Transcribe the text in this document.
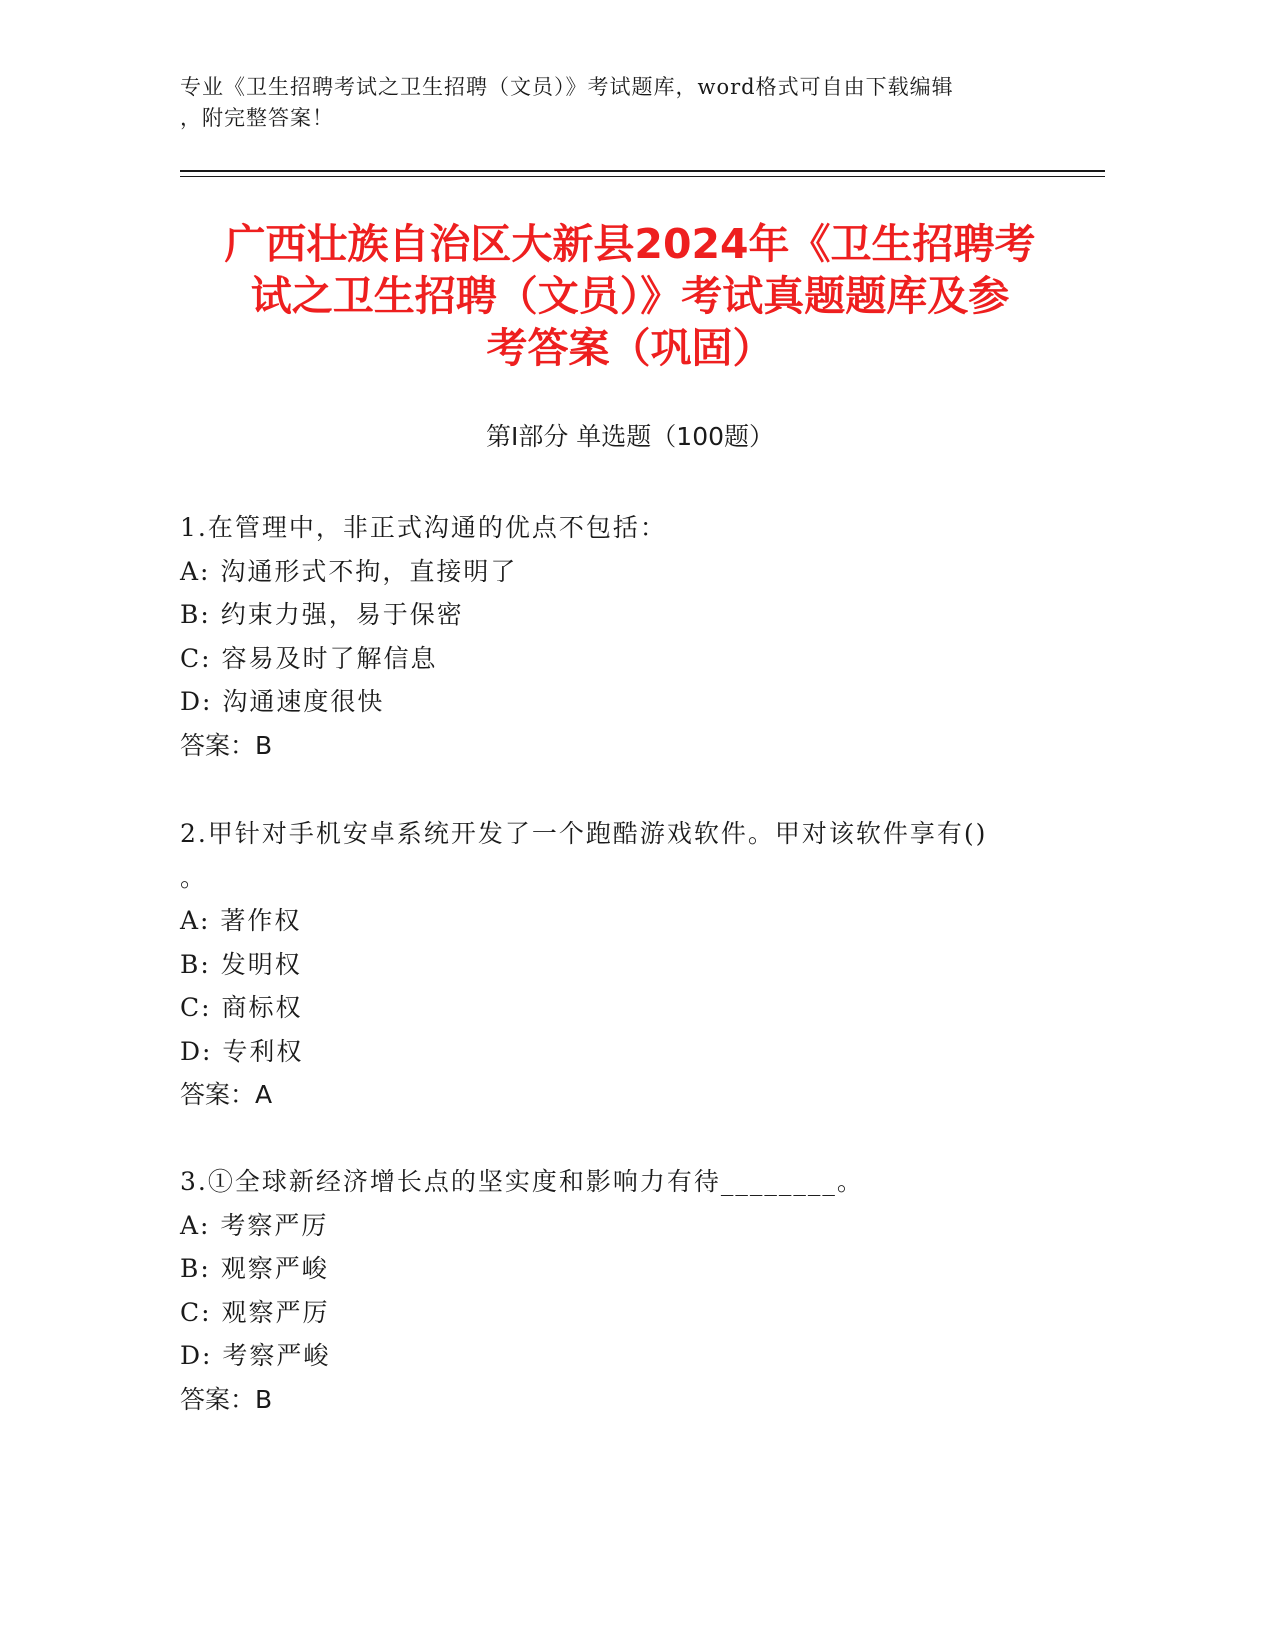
专业《卫生招聘考试之卫生招聘（文员）》考试题库，word格式可自由下载编辑
，附完整答案！
广西壮族自治区大新县2024年《卫生招聘考
试之卫生招聘（文员）》考试真题题库及参
考答案（巩固）
第I部分 单选题（100题）
1.在管理中，非正式沟通的优点不包括：
A: 沟通形式不拘，直接明了
B: 约束力强，易于保密
C: 容易及时了解信息
D: 沟通速度很快
答案：B
2.甲针对手机安卓系统开发了一个跑酷游戏软件。甲对该软件享有()
。
A: 著作权
B: 发明权
C: 商标权
D: 专利权
答案：A
3.①全球新经济增长点的坚实度和影响力有待________。
A: 考察严厉
B: 观察严峻
C: 观察严厉
D: 考察严峻
答案：B
